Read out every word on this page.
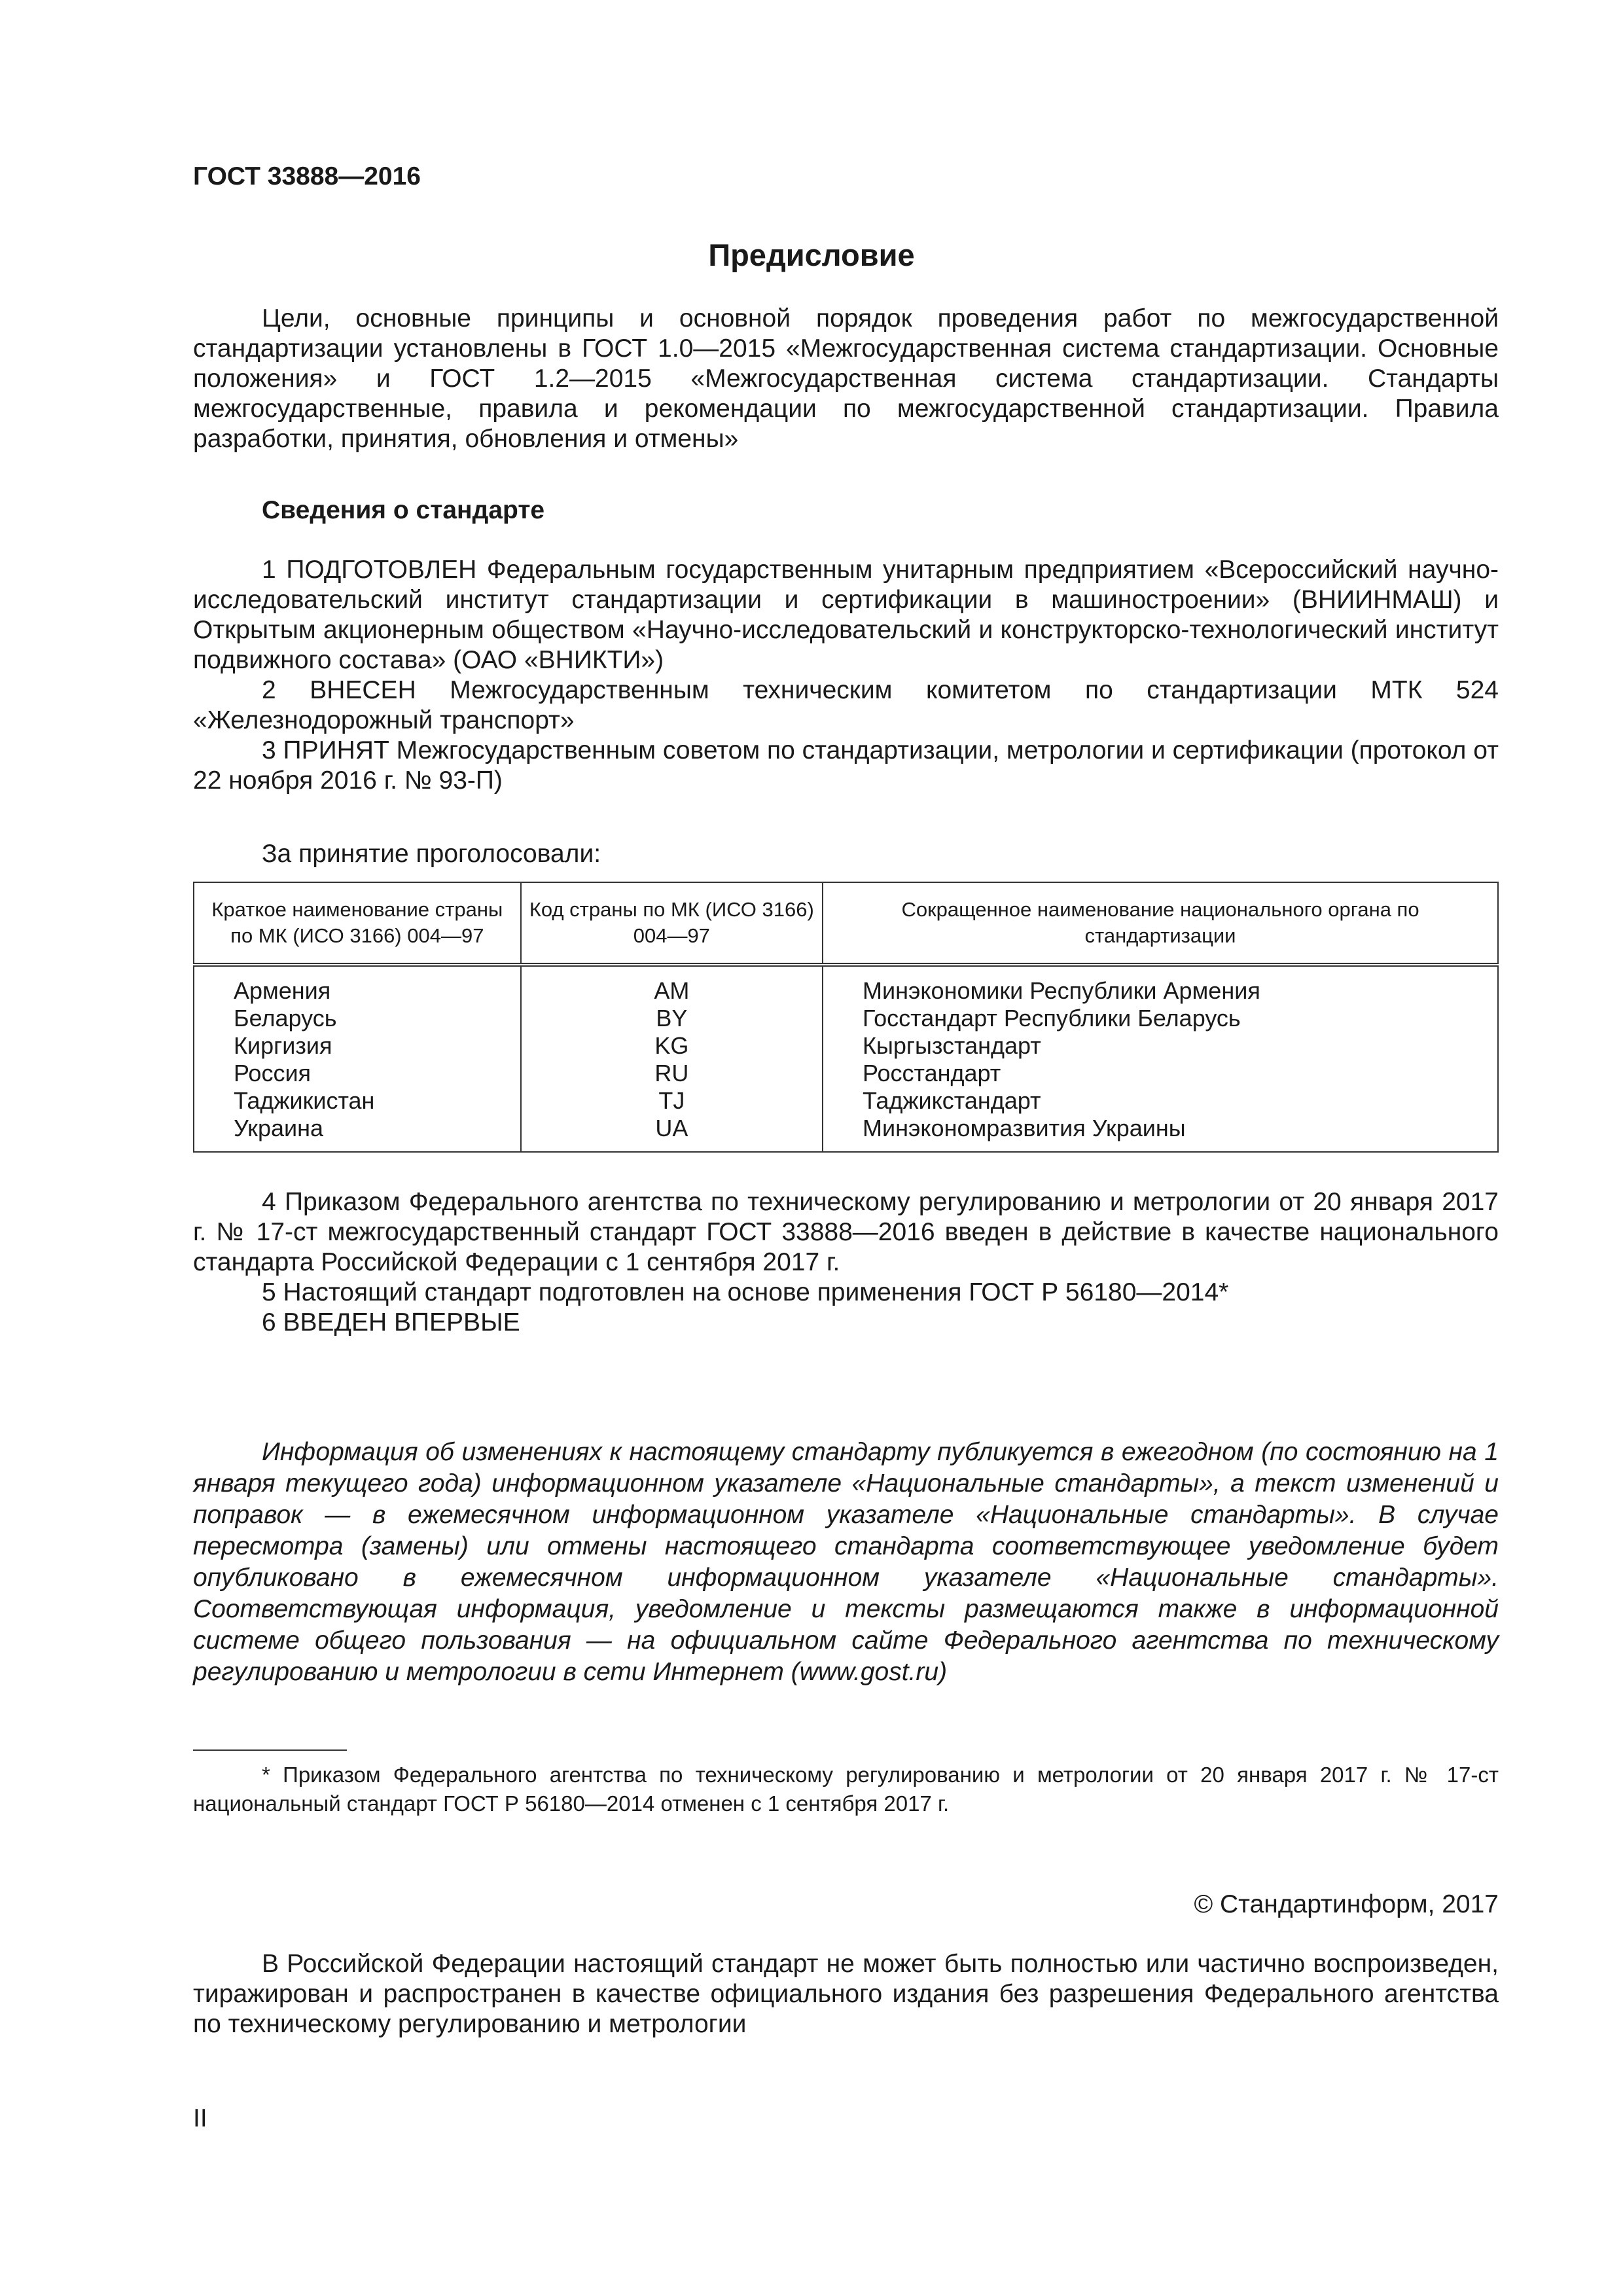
ГОСТ 33888—2016
Предисловие
Цели, основные принципы и основной порядок проведения работ по межгосударственной стандартизации установлены в ГОСТ 1.0—2015 «Межгосударственная система стандартизации. Основные положения» и ГОСТ 1.2—2015 «Межгосударственная система стандартизации. Стандарты межгосударственные, правила и рекомендации по межгосударственной стандартизации. Правила разработки, принятия, обновления и отмены»
Сведения о стандарте
1 ПОДГОТОВЛЕН Федеральным государственным унитарным предприятием «Всероссийский научно-исследовательский институт стандартизации и сертификации в машиностроении» (ВНИИНМАШ) и Открытым акционерным обществом «Научно-исследовательский и конструкторско-технологический институт подвижного состава» (ОАО «ВНИКТИ»)
2 ВНЕСЕН Межгосударственным техническим комитетом по стандартизации МТК 524 «Железнодорожный транспорт»
3 ПРИНЯТ Межгосударственным советом по стандартизации, метрологии и сертификации (протокол от 22 ноября 2016 г. № 93-П)
За принятие проголосовали:
Краткое наименование страны по МК (ИСО 3166) 004—97	Код страны по МК (ИСО 3166) 004—97	Сокращенное наименование национального органа по стандартизации
Армения	AM	Минэкономики Республики Армения
Беларусь	BY	Госстандарт Республики Беларусь
Киргизия	KG	Кыргызстандарт
Россия	RU	Росстандарт
Таджикистан	TJ	Таджикстандарт
Украина	UA	Минэкономразвития Украины
4 Приказом Федерального агентства по техническому регулированию и метрологии от 20 января 2017 г. № 17-ст межгосударственный стандарт ГОСТ 33888—2016 введен в действие в качестве национального стандарта Российской Федерации с 1 сентября 2017 г.
5 Настоящий стандарт подготовлен на основе применения ГОСТ Р 56180—2014*
6 ВВЕДЕН ВПЕРВЫЕ
Информация об изменениях к настоящему стандарту публикуется в ежегодном (по состоянию на 1 января текущего года) информационном указателе «Национальные стандарты», а текст изменений и поправок — в ежемесячном информационном указателе «Национальные стандарты». В случае пересмотра (замены) или отмены настоящего стандарта соответствующее уведомление будет опубликовано в ежемесячном информационном указателе «Национальные стандарты». Соответствующая информация, уведомление и тексты размещаются также в информационной системе общего пользования — на официальном сайте Федерального агентства по техническому регулированию и метрологии в сети Интернет (www.gost.ru)
* Приказом Федерального агентства по техническому регулированию и метрологии от 20 января 2017 г. № 17-ст национальный стандарт ГОСТ Р 56180—2014 отменен с 1 сентября 2017 г.
© Стандартинформ, 2017
В Российской Федерации настоящий стандарт не может быть полностью или частично воспроизведен, тиражирован и распространен в качестве официального издания без разрешения Федерального агентства по техническому регулированию и метрологии
II
